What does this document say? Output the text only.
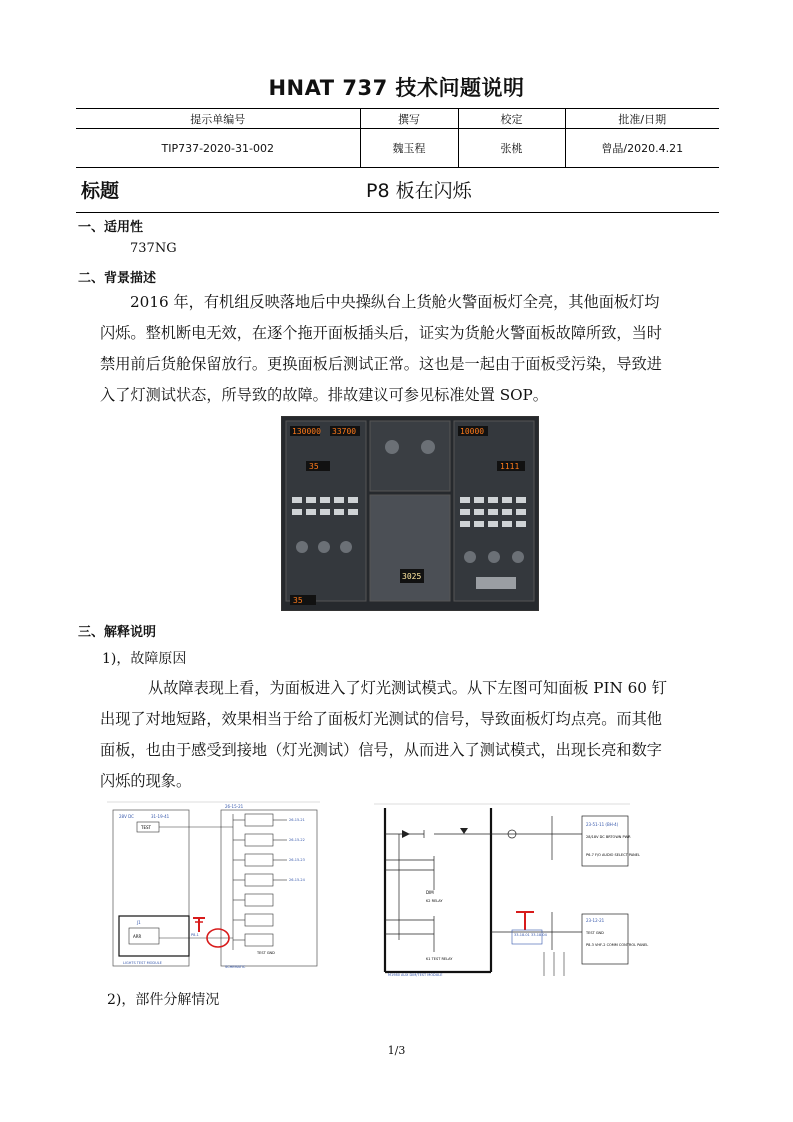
HNAT 737 技术问题说明
提示单编号	撰写	校定	批准/日期
TIP737-2020-31-002	魏玉程	张桃	曾晶/2020.4.21
标题	P8 板在闪烁
一、适用性
737NG
二、背景描述
2016 年，有机组反映落地后中央操纵台上货舱火警面板灯全亮，其他面板灯均
闪烁。整机断电无效，在逐个拖开面板插头后，证实为货舱火警面板故障所致，当时
禁用前后货舱保留放行。更换面板后测试正常。这也是一起由于面板受污染，导致进
入了灯测试状态，所导致的故障。排故建议可参见标准处置 SOP。
130000 33700	10000
35	1111
35
3025
三、解释说明
1)，故障原因
从故障表现上看，为面板进入了灯光测试模式。从下左图可知面板 PIN 60 钉
出现了对地短路，效果相当于给了面板灯光测试的信号，导致面板灯均点亮。而其他
面板，也由于感受到接地（灯光测试）信号，从而进入了测试模式，出现长亮和数字
闪烁的现象。
28V DC	31-19-41
TEST
26-15-21
26-15-21
26-15-22
26-15-23
26-15-24
J1
ARR
LIGHTS TEST MODULE
P8-1
SCHEMATIC
TEST GND
23-51-11 (BH-4)
28/18V DC BRTOWN PWR
P6-7 F/O AUDIO SELECT PANEL
23-12-21
TEST GND
P8-3 VHF-2 COMM CONTROL PANEL
DIM
K2 RELAY
K1 TEST RELAY
M1980 AUX DIM/TEST MODULE
33-18-01 33-18-04
2)，部件分解情况
1/3
